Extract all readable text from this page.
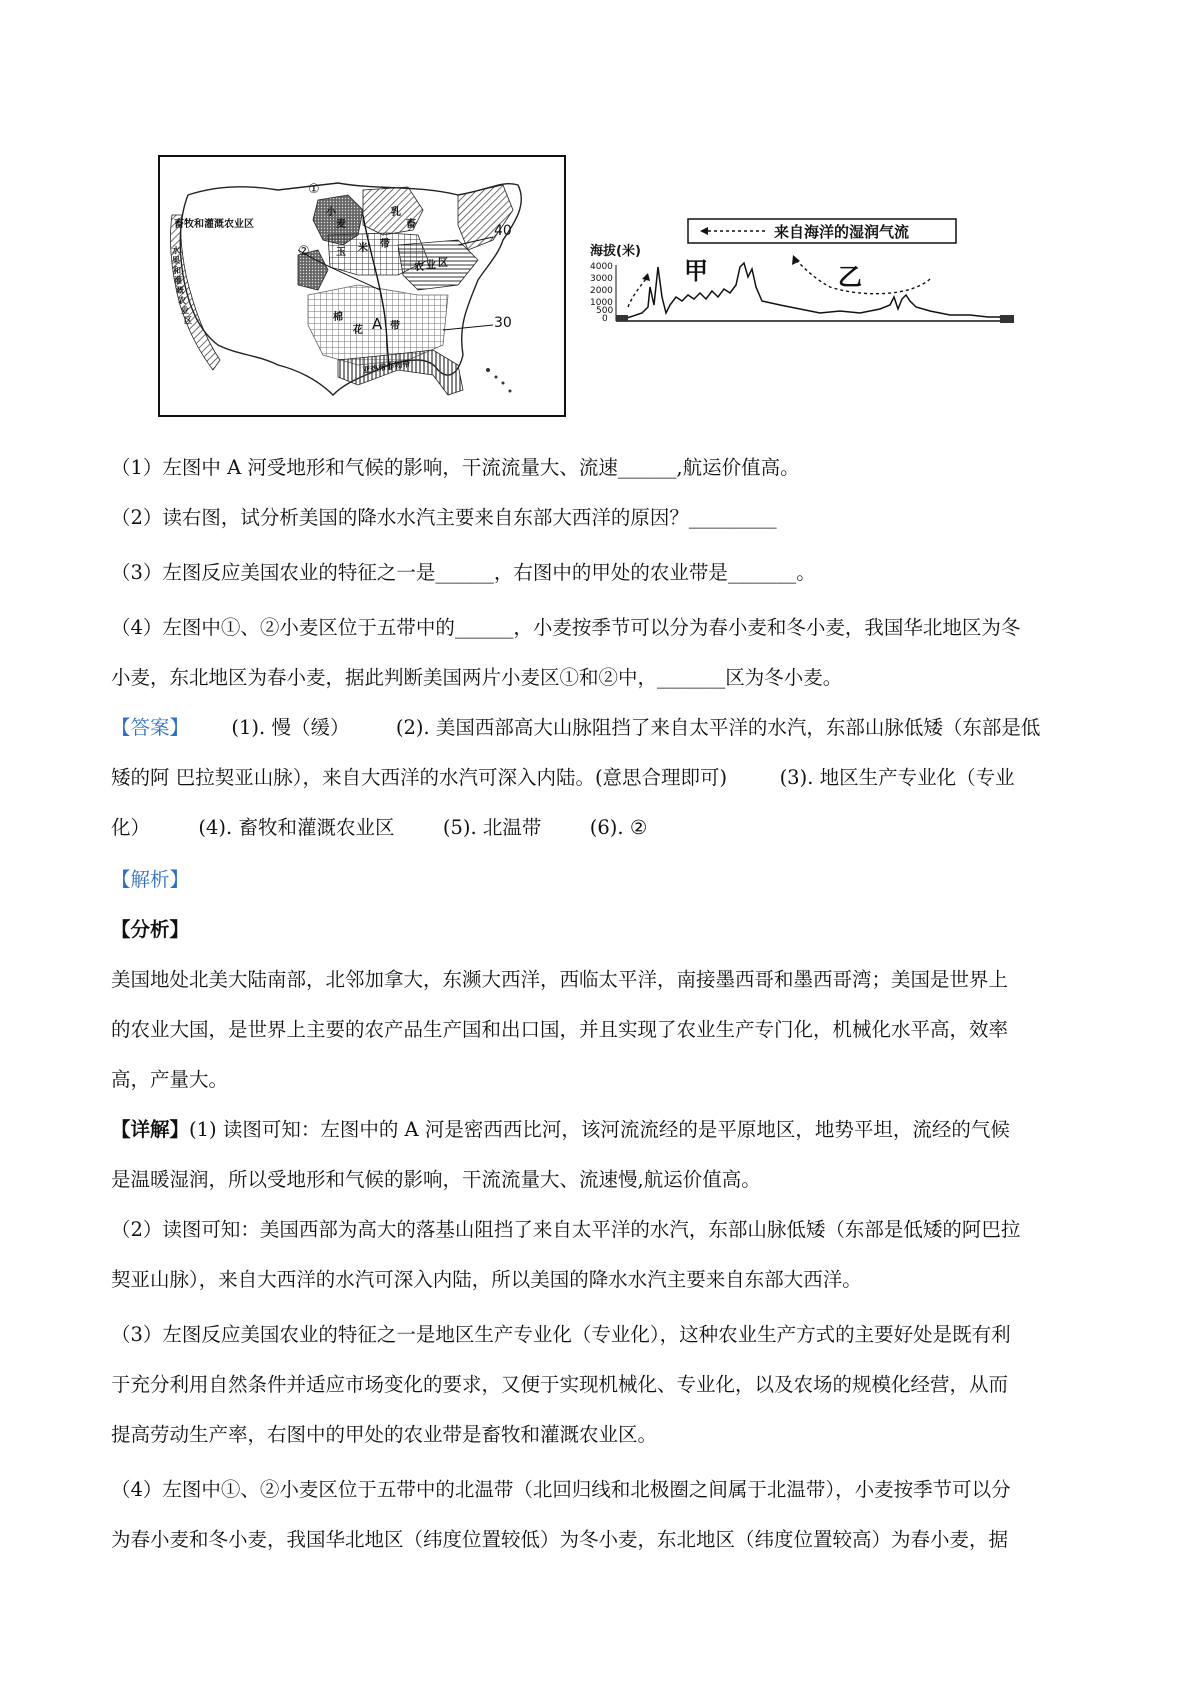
①
②
40
30
畜牧和灌溉农业区
水
果
和
灌
溉
农
业
区
玉 米 带
棉
花	带
乳
畜
农 业 区
小
麦
A
亚热带作物带
来自海洋的湿润气流
海拔(米)
4000
3000
2000
1000
500
0
甲	乙
（1）左图中 A 河受地形和气候的影响，干流流量大、流速______,航运价值高。
（2）读右图，试分析美国的降水水汽主要来自东部大西洋的原因？_________
（3）左图反应美国农业的特征之一是______，右图中的甲处的农业带是_______。
（4）左图中①、②小麦区位于五带中的______，小麦按季节可以分为春小麦和冬小麦，我国华北地区为冬
小麦，东北地区为春小麦，据此判断美国两片小麦区①和②中，_______区为冬小麦。
【答案】 (1). 慢（缓） (2). 美国西部高大山脉阻挡了来自太平洋的水汽，东部山脉低矮（东部是低
矮的阿 巴拉契亚山脉），来自大西洋的水汽可深入内陆。(意思合理即可)	(3). 地区生产专业化（专业
化） (4). 畜牧和灌溉农业区 (5). 北温带 (6). ②
【解析】
【分析】
美国地处北美大陆南部，北邻加拿大，东濒大西洋，西临太平洋，南接墨西哥和墨西哥湾；美国是世界上
的农业大国，是世界上主要的农产品生产国和出口国，并且实现了农业生产专门化，机械化水平高，效率
高，产量大。
【详解】(1) 读图可知：左图中的 A 河是密西西比河，该河流流经的是平原地区，地势平坦，流经的气候
是温暖湿润，所以受地形和气候的影响，干流流量大、流速慢,航运价值高。
（2）读图可知：美国西部为高大的落基山阻挡了来自太平洋的水汽，东部山脉低矮（东部是低矮的阿巴拉
契亚山脉），来自大西洋的水汽可深入内陆，所以美国的降水水汽主要来自东部大西洋。
（3）左图反应美国农业的特征之一是地区生产专业化（专业化），这种农业生产方式的主要好处是既有利
于充分利用自然条件并适应市场变化的要求，又便于实现机械化、专业化，以及农场的规模化经营，从而
提高劳动生产率，右图中的甲处的农业带是畜牧和灌溉农业区。
（4）左图中①、②小麦区位于五带中的北温带（北回归线和北极圈之间属于北温带），小麦按季节可以分
为春小麦和冬小麦，我国华北地区（纬度位置较低）为冬小麦，东北地区（纬度位置较高）为春小麦，据
